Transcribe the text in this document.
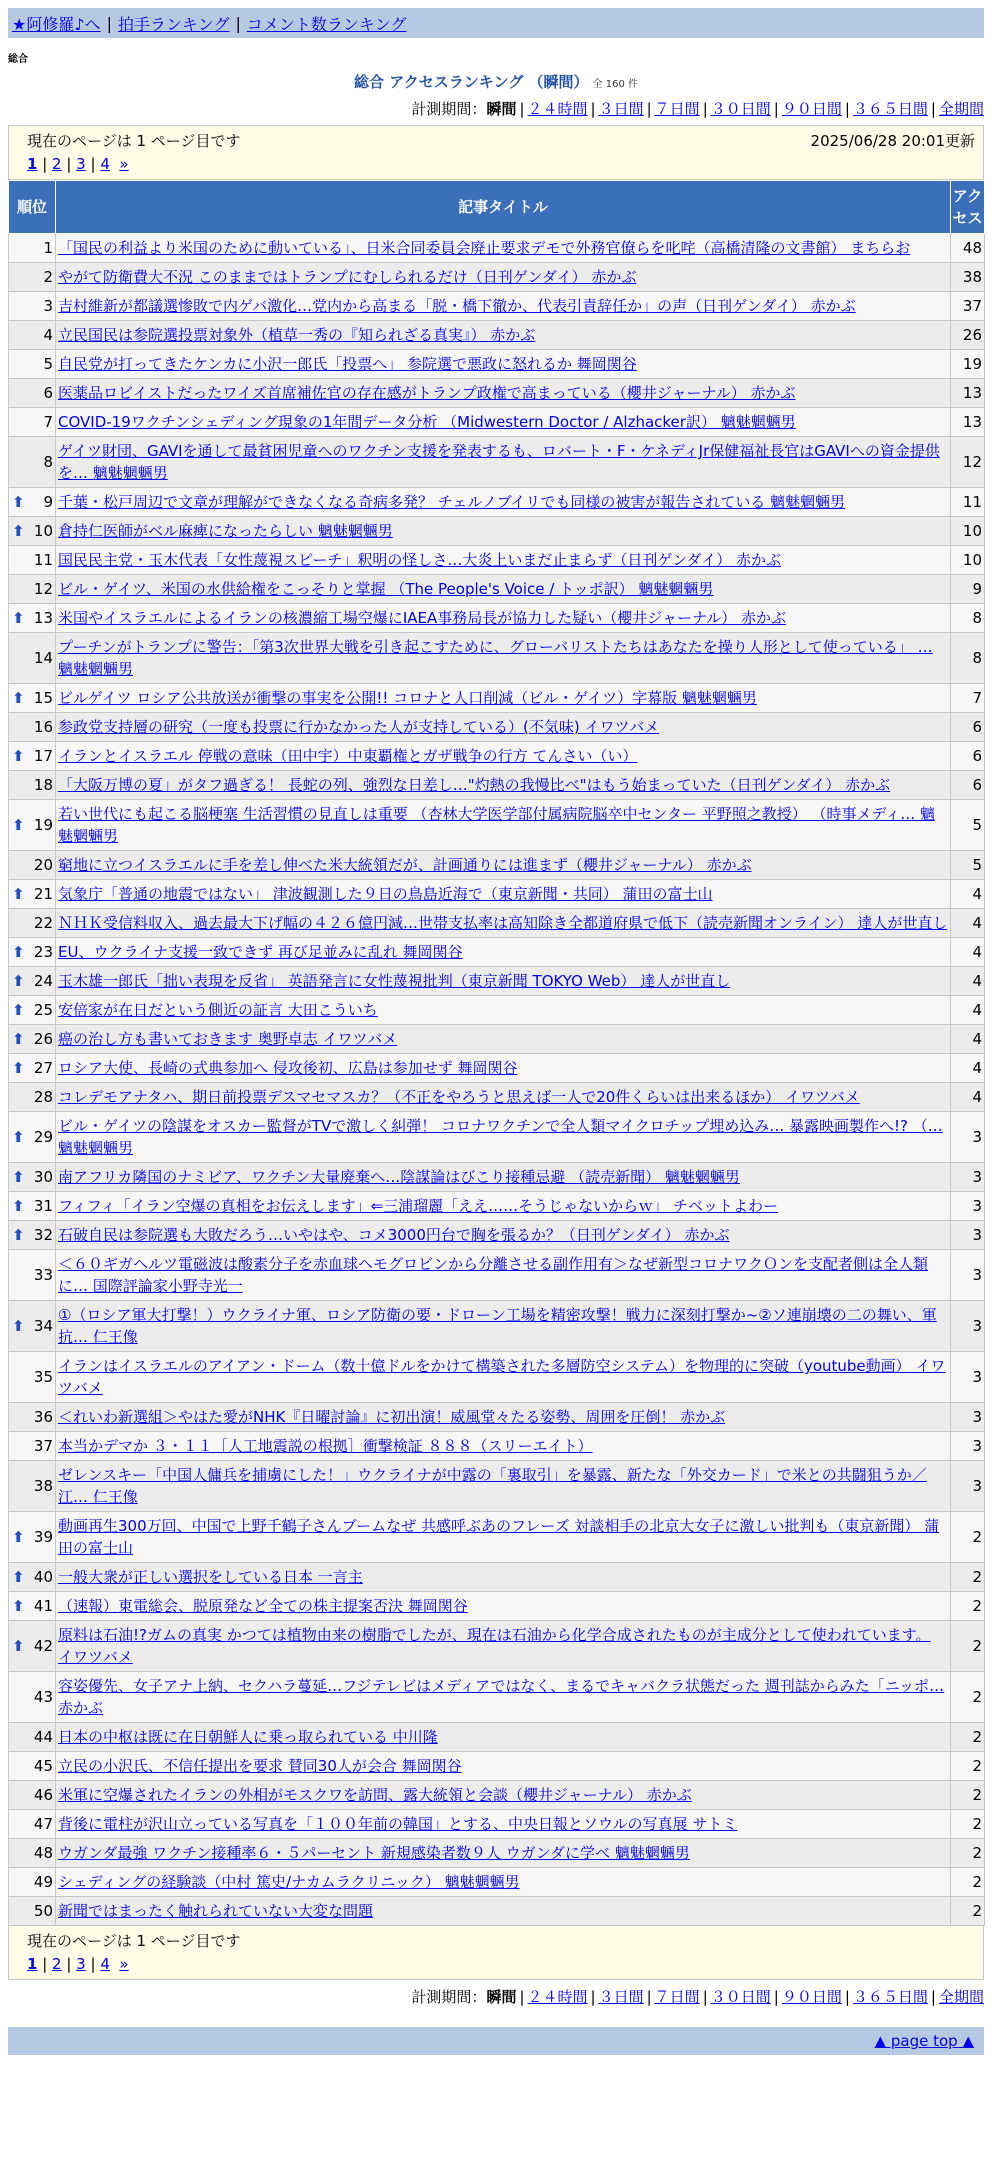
★阿修羅♪へ | 拍手ランキング | コメント数ランキング
総合
総合 アクセスランキング （瞬間） 全 160 件
計測期間：瞬間 | ２４時間 | ３日間 | ７日間 | ３０日間 | ９０日間 | ３６５日間 | 全期間
現在のページは 1 ページ目です	2025/06/28 20:01更新
1 | 2 | 3 | 4 »
順位	記事タイトル	アクセス
1	「国民の利益より米国のために動いている」、日米合同委員会廃止要求デモで外務官僚らを叱咤（高橋清隆の文書館） まちらお	48
2	やがて防衛費大不況 このままではトランプにむしられるだけ（日刊ゲンダイ） 赤かぶ	38
3	吉村維新が都議選惨敗で内ゲバ激化…党内から高まる「脱・橋下徹か、代表引責辞任か」の声（日刊ゲンダイ） 赤かぶ	37
4	立民国民は参院選投票対象外（植草一秀の『知られざる真実』） 赤かぶ	26
5	自民党が打ってきたケンカに小沢一郎氏「投票へ」 参院選で悪政に怒れるか 舞岡関谷	19
6	医薬品ロビイストだったワイズ首席補佐官の存在感がトランプ政権で高まっている（櫻井ジャーナル） 赤かぶ	13
7	COVID-19ワクチンシェディング現象の1年間データ分析 （Midwestern Doctor / Alzhacker訳） 魑魅魍魎男	13
8	ゲイツ財団、GAVIを通して最貧困児童へのワクチン支援を発表するも、ロバート・F・ケネディJr保健福祉長官はGAVIへの資金提供を… 魑魅魍魎男	12

⬆ 9	千葉・松戸周辺で文章が理解ができなくなる奇病多発？ チェルノブイリでも同様の被害が報告されている 魑魅魍魎男	11

⬆ 10	倉持仁医師がベル麻痺になったらしい 魑魅魍魎男	10
11	国民民主党・玉木代表「女性蔑視スピーチ」釈明の怪しさ…大炎上いまだ止まらず（日刊ゲンダイ） 赤かぶ	10
12	ビル・ゲイツ、米国の水供給権をこっそりと掌握 （The People's Voice / トッポ訳） 魑魅魍魎男	9

⬆ 13	米国やイスラエルによるイランの核濃縮工場空爆にIAEA事務局長が協力した疑い（櫻井ジャーナル） 赤かぶ	8
14	プーチンがトランプに警告：「第3次世界大戦を引き起こすために、グローバリストたちはあなたを操り人形として使っている」 … 魑魅魍魎男	8

⬆ 15	ビルゲイツ ロシア公共放送が衝撃の事実を公開!! コロナと人口削減（ビル・ゲイツ）字幕版 魑魅魍魎男	7
16	参政党支持層の研究（一度も投票に行かなかった人が支持している）(不気味) イワツバメ	6

⬆ 17	イランとイスラエル 停戦の意味（田中宇）中東覇権とガザ戦争の行方 てんさい（い）	6
18	「大阪万博の夏」がタフ過ぎる！ 長蛇の列、強烈な日差し…"灼熱の我慢比べ"はもう始まっていた（日刊ゲンダイ） 赤かぶ	6

⬆ 19	若い世代にも起こる脳梗塞 生活習慣の見直しは重要 （杏林大学医学部付属病院脳卒中センター 平野照之教授） （時事メディ… 魑魅魍魎男	5
20	窮地に立つイスラエルに手を差し伸べた米大統領だが、計画通りには進まず（櫻井ジャーナル） 赤かぶ	5

⬆ 21	気象庁「普通の地震ではない」 津波観測した９日の鳥島近海で（東京新聞・共同） 蒲田の富士山	4
22	ＮＨＫ受信料収入、過去最大下げ幅の４２６億円減…世帯支払率は高知除き全都道府県で低下（読売新聞オンライン） 達人が世直し	4

⬆ 23	EU、ウクライナ支援一致できず 再び足並みに乱れ 舞岡関谷	4

⬆ 24	玉木雄一郎氏「拙い表現を反省」 英語発言に女性蔑視批判（東京新聞 TOKYO Web） 達人が世直し	4

⬆ 25	安倍家が在日だという側近の証言 大田こういち	4

⬆ 26	癌の治し方も書いておきます 奥野卓志 イワツバメ	4

⬆ 27	ロシア大使、長崎の式典参加へ 侵攻後初、広島は参加せず 舞岡関谷	4
28	コレデモアナタハ、期日前投票デスマセマスカ？（不正をやろうと思えば一人で20件くらいは出来るほか） イワツバメ	4

⬆ 29	ビル・ゲイツの陰謀をオスカー監督がTVで激しく糾弾！ コロナワクチンで全人類マイクロチップ埋め込み… 暴露映画製作へ!? （… 魑魅魍魎男	3

⬆ 30	南アフリカ隣国のナミビア、ワクチン大量廃棄へ…陰謀論はびこり接種忌避 （読売新聞） 魑魅魍魎男	3

⬆ 31	フィフィ「イラン空爆の真相をお伝えします」⇐三浦瑠麗「ええ……そうじゃないからｗ」 チベットよわー	3

⬆ 32	石破自民は参院選も大敗だろう…いやはや、コメ3000円台で胸を張るか？（日刊ゲンダイ） 赤かぶ	3
33	＜６０ギガヘルツ電磁波は酸素分子を赤血球ヘモグロビンから分離させる副作用有＞なぜ新型コロナワクＯンを支配者側は全人類に… 国際評論家小野寺光一	3

⬆ 34	①（ロシア軍大打撃！）ウクライナ軍、ロシア防衛の要・ドローン工場を精密攻撃！戦力に深刻打撃か~②ソ連崩壊の二の舞い、軍抗… 仁王像	3
35	イランはイスラエルのアイアン・ドーム（数十億ドルをかけて構築された多層防空システム）を物理的に突破（youtube動画） イワツバメ	3
36	＜れいわ新選組＞やはた愛がNHK『日曜討論』に初出演！威風堂々たる姿勢、周囲を圧倒！ 赤かぶ	3
37	本当かデマか ３・１１［人工地震説の根拠］衝撃検証 ８８８（スリーエイト）	3
38	ゼレンスキー「中国人傭兵を捕虜にした！」ウクライナが中露の「裏取引」を暴露、新たな「外交カード」で米との共闘狙うか／江… 仁王像	3

⬆ 39	動画再生300万回、中国で上野千鶴子さんブームなぜ 共感呼ぶあのフレーズ 対談相手の北京大女子に激しい批判も（東京新聞） 蒲田の富士山	2

⬆ 40	一般大衆が正しい選択をしている日本 一言主	2

⬆ 41	（速報）東電総会、脱原発など全ての株主提案否決 舞岡関谷	2

⬆ 42	原料は石油!?ガムの真実 かつては植物由来の樹脂でしたが、現在は石油から化学合成されたものが主成分として使われています。 イワツバメ	2
43	容姿優先、女子アナ上納、セクハラ蔓延…フジテレビはメディアではなく、まるでキャバクラ状態だった 週刊誌からみた「ニッポ… 赤かぶ	2
44	日本の中枢は既に在日朝鮮人に乗っ取られている 中川隆	2
45	立民の小沢氏、不信任提出を要求 賛同30人が会合 舞岡関谷	2
46	米軍に空爆されたイランの外相がモスクワを訪問、露大統領と会談（櫻井ジャーナル） 赤かぶ	2
47	背後に電柱が沢山立っている写真を「１００年前の韓国」とする、中央日報とソウルの写真展 サトミ	2
48	ウガンダ最強 ワクチン接種率６・５パーセント 新規感染者数９人 ウガンダに学べ 魑魅魍魎男	2
49	シェディングの経験談（中村 篤史/ナカムラクリニック） 魑魅魍魎男	2
50	新聞ではまったく触れられていない大変な問題	2
現在のページは 1 ページ目です
1 | 2 | 3 | 4 »
計測期間：瞬間 | ２４時間 | ３日間 | ７日間 | ３０日間 | ９０日間 | ３６５日間 | 全期間
▲ page top ▲
